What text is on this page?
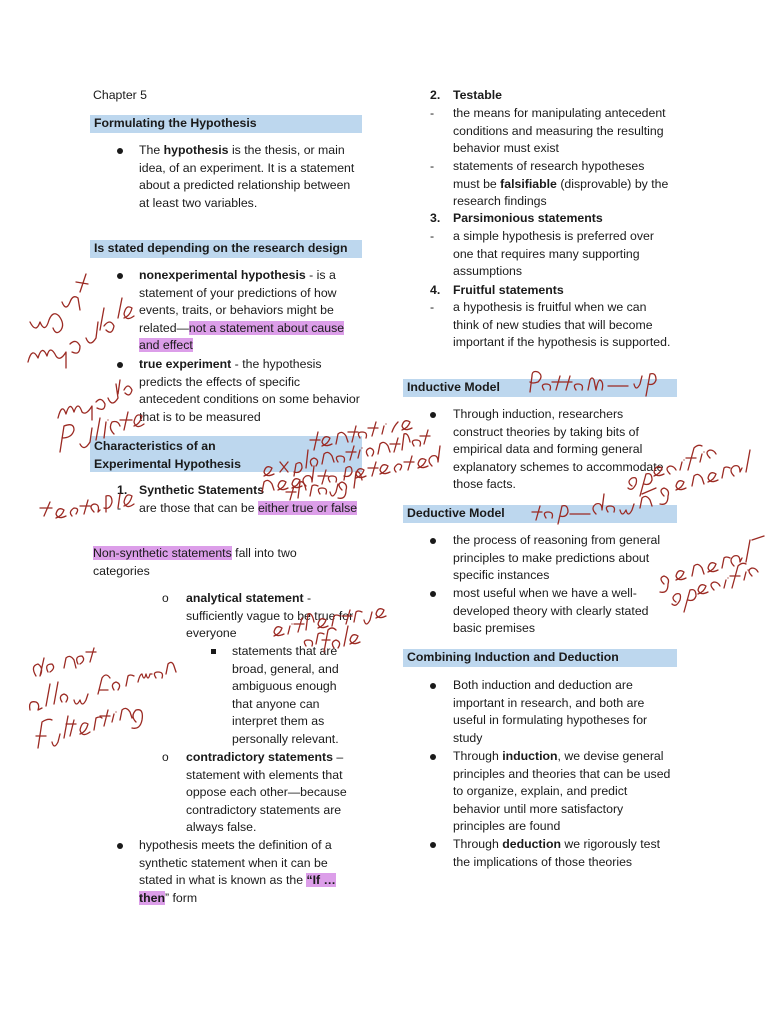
Chapter 5
Formulating the Hypothesis
The hypothesis is the thesis, or main idea, of an experiment. It is a statement about a predicted relationship between at least two variables.
Is stated depending on the research design
nonexperimental hypothesis - is a statement of your predictions of how events, traits, or behaviors might be related—not a statement about cause and effect
true experiment - the hypothesis predicts the effects of specific antecedent conditions on some behavior that is to be measured
Characteristics of an Experimental Hypothesis
1. Synthetic Statements
- are those that can be either true or false
Non-synthetic statements fall into two categories
o analytical statement - sufficiently vague to be true for everyone
statements that are broad, general, and ambiguous enough that anyone can interpret them as personally relevant.
o contradictory statements – statement with elements that oppose each other—because contradictory statements are always false.
hypothesis meets the definition of a synthetic statement when it can be stated in what is known as the “If … then” form
2. Testable
- the means for manipulating antecedent conditions and measuring the resulting behavior must exist
- statements of research hypotheses must be falsifiable (disprovable) by the research findings
3. Parsimonious statements
- a simple hypothesis is preferred over one that requires many supporting assumptions
4. Fruitful statements
- a hypothesis is fruitful when we can think of new studies that will become important if the hypothesis is supported.
Inductive Model
Through induction, researchers construct theories by taking bits of empirical data and forming general explanatory schemes to accommodate those facts.
Deductive Model
the process of reasoning from general principles to make predictions about specific instances
most useful when we have a well-developed theory with clearly stated basic premises
Combining Induction and Deduction
Both induction and deduction are important in research, and both are useful in formulating hypotheses for study
Through induction, we devise general principles and theories that can be used to organize, explain, and predict behavior until more satisfactory principles are found
Through deduction we rigorously test the implications of those theories
